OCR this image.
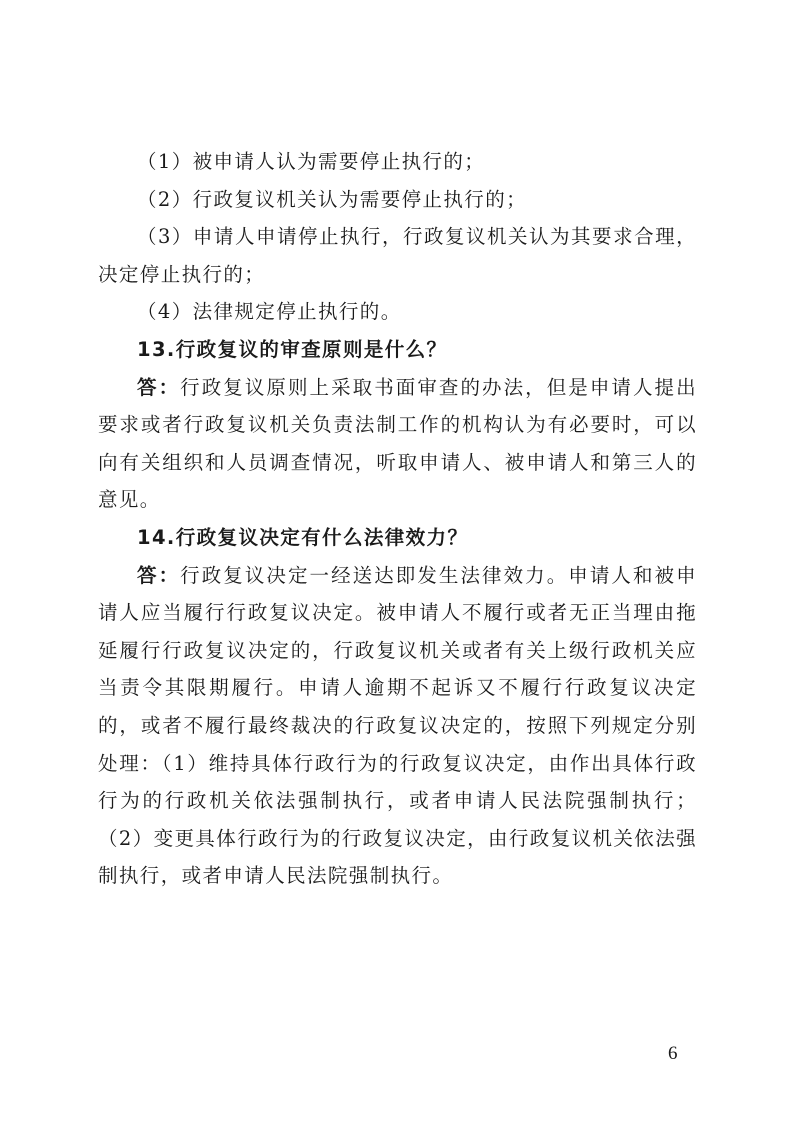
（1）被申请人认为需要停止执行的；

（2）行政复议机关认为需要停止执行的；

（3）申请人申请停止执行，行政复议机关认为其要求合理，决定停止执行的；

（4）法律规定停止执行的。

13.行政复议的审查原则是什么？

答：行政复议原则上采取书面审查的办法，但是申请人提出要求或者行政复议机关负责法制工作的机构认为有必要时，可以向有关组织和人员调查情况，听取申请人、被申请人和第三人的意见。

14.行政复议决定有什么法律效力？

答：行政复议决定一经送达即发生法律效力。申请人和被申请人应当履行行政复议决定。被申请人不履行或者无正当理由拖延履行行政复议决定的，行政复议机关或者有关上级行政机关应当责令其限期履行。申请人逾期不起诉又不履行行政复议决定的，或者不履行最终裁决的行政复议决定的，按照下列规定分别处理：（1）维持具体行政行为的行政复议决定，由作出具体行政行为的行政机关依法强制执行，或者申请人民法院强制执行；（2）变更具体行政行为的行政复议决定，由行政复议机关依法强制执行，或者申请人民法院强制执行。

6
